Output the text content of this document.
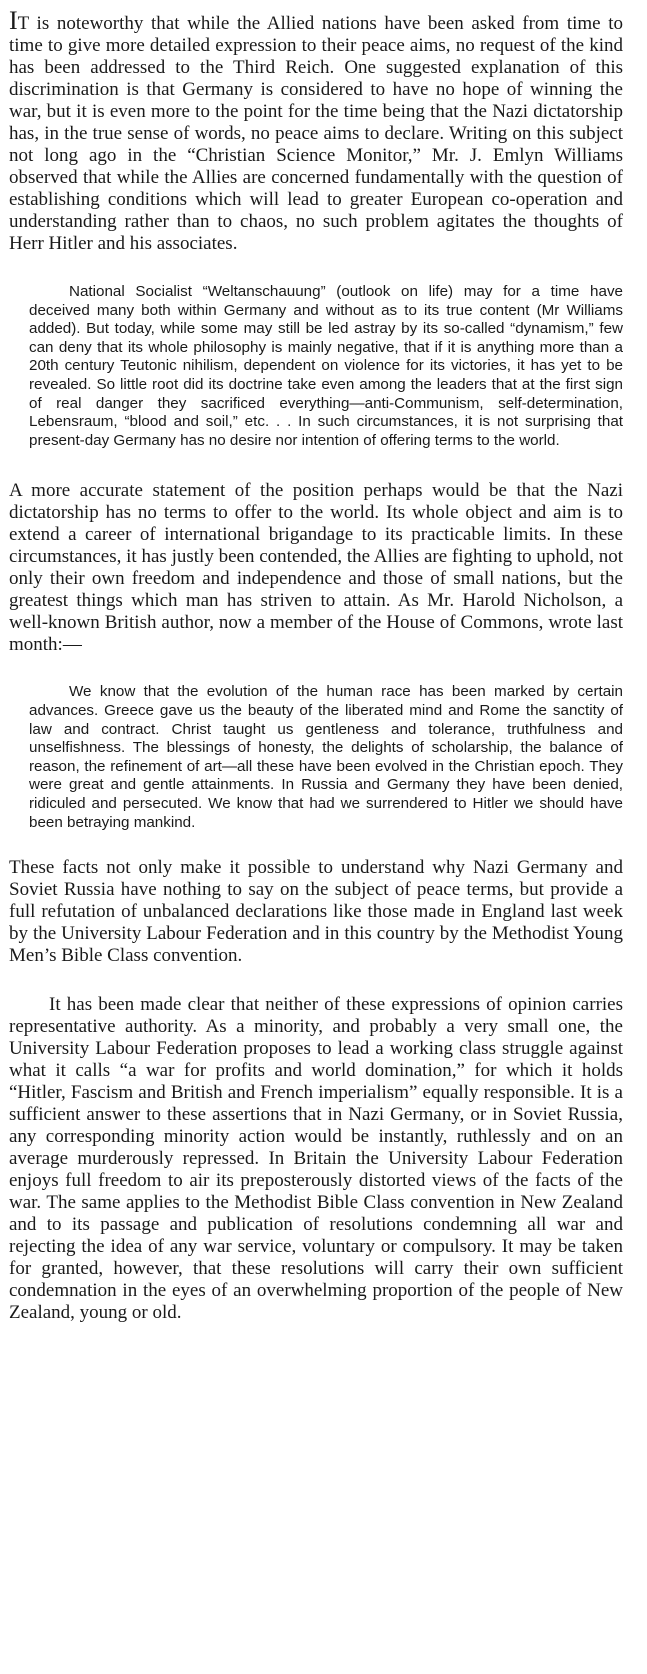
IT is noteworthy that while the Allied nations have been asked from time to time to give more detailed expression to their peace aims, no request of the kind has been addressed to the Third Reich. One suggested explanation of this discrimination is that Germany is considered to have no hope of winning the war, but it is even more to the point for the time being that the Nazi dictatorship has, in the true sense of words, no peace aims to declare. Writing on this subject not long ago in the “Christian Science Monitor,” Mr. J. Emlyn Williams observed that while the Allies are concerned fundamentally with the question of establishing conditions which will lead to greater European co-operation and understanding rather than to chaos, no such problem agitates the thoughts of Herr Hitler and his associates.

National Socialist “Weltanschauung” (outlook on life) may for a time have deceived many both within Germany and without as to its true content (Mr Williams added). But today, while some may still be led astray by its so-called “dynamism,” few can deny that its whole philosophy is mainly negative, that if it is anything more than a 20th century Teutonic nihilism, dependent on violence for its victories, it has yet to be revealed. So little root did its doctrine take even among the leaders that at the first sign of real danger they sacrificed everything—anti-Communism, self-determination, Lebensraum, “blood and soil,” etc. . . In such circumstances, it is not surprising that present-day Germany has no desire nor intention of offering terms to the world.

A more accurate statement of the position perhaps would be that the Nazi dictatorship has no terms to offer to the world. Its whole object and aim is to extend a career of international brigandage to its practicable limits. In these circumstances, it has justly been contended, the Allies are fighting to uphold, not only their own freedom and independence and those of small nations, but the greatest things which man has striven to attain. As Mr. Harold Nicholson, a well-known British author, now a member of the House of Commons, wrote last month:—

We know that the evolution of the human race has been marked by certain advances. Greece gave us the beauty of the liberated mind and Rome the sanctity of law and contract. Christ taught us gentleness and tolerance, truthfulness and unselfishness. The blessings of honesty, the delights of scholarship, the balance of reason, the refinement of art—all these have been evolved in the Christian epoch. They were great and gentle attainments. In Russia and Germany they have been denied, ridiculed and persecuted. We know that had we surrendered to Hitler we should have been betraying mankind.

These facts not only make it possible to understand why Nazi Germany and Soviet Russia have nothing to say on the subject of peace terms, but provide a full refutation of unbalanced declarations like those made in England last week by the University Labour Federation and in this country by the Methodist Young Men’s Bible Class convention.

It has been made clear that neither of these expressions of opinion carries representative authority. As a minority, and probably a very small one, the University Labour Federation proposes to lead a working class struggle against what it calls “a war for profits and world domination,” for which it holds “Hitler, Fascism and British and French imperialism” equally responsible. It is a sufficient answer to these assertions that in Nazi Germany, or in Soviet Russia, any corresponding minority action would be instantly, ruthlessly and on an average murderously repressed. In Britain the University Labour Federation enjoys full freedom to air its preposterously distorted views of the facts of the war. The same applies to the Methodist Bible Class convention in New Zealand and to its passage and publication of resolutions condemning all war and rejecting the idea of any war service, voluntary or compulsory. It may be taken for granted, however, that these resolutions will carry their own sufficient condemnation in the eyes of an overwhelming proportion of the people of New Zealand, young or old.
